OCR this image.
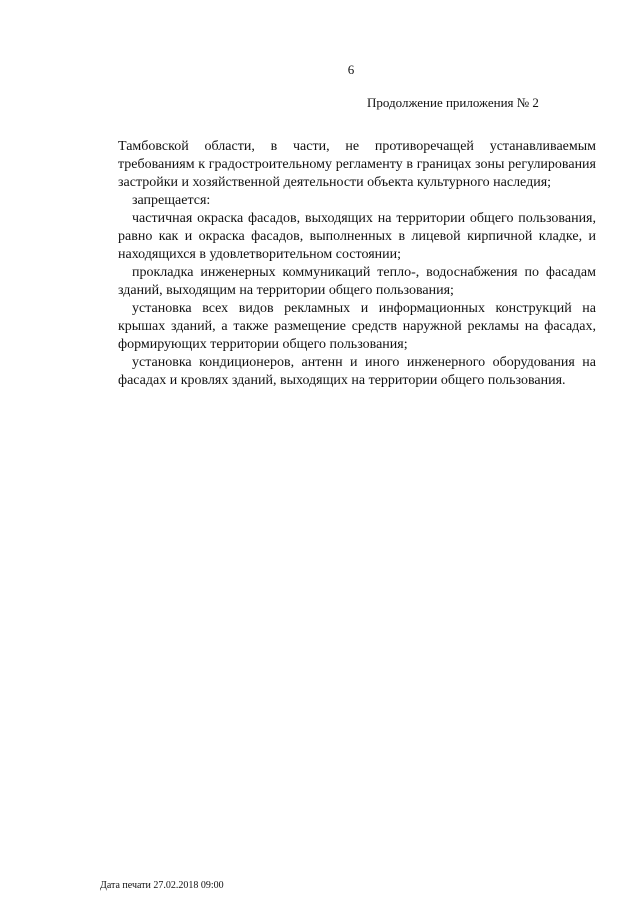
6
Продолжение приложения № 2

Тамбовской области, в части, не противоречащей устанавливаемым требованиям к градостроительному регламенту в границах зоны регулирования застройки и хозяйственной деятельности объекта культурного наследия;

запрещается:

частичная окраска фасадов, выходящих на территории общего пользования, равно как и окраска фасадов, выполненных в лицевой кирпичной кладке, и находящихся в удовлетворительном состоянии;

прокладка инженерных коммуникаций тепло-, водоснабжения по фасадам зданий, выходящим на территории общего пользования;

установка всех видов рекламных и информационных конструкций на крышах зданий, а также размещение средств наружной рекламы на фасадах, формирующих территории общего пользования;

установка кондиционеров, антенн и иного инженерного оборудования на фасадах и кровлях зданий, выходящих на территории общего пользования.

Дата печати 27.02.2018 09:00
